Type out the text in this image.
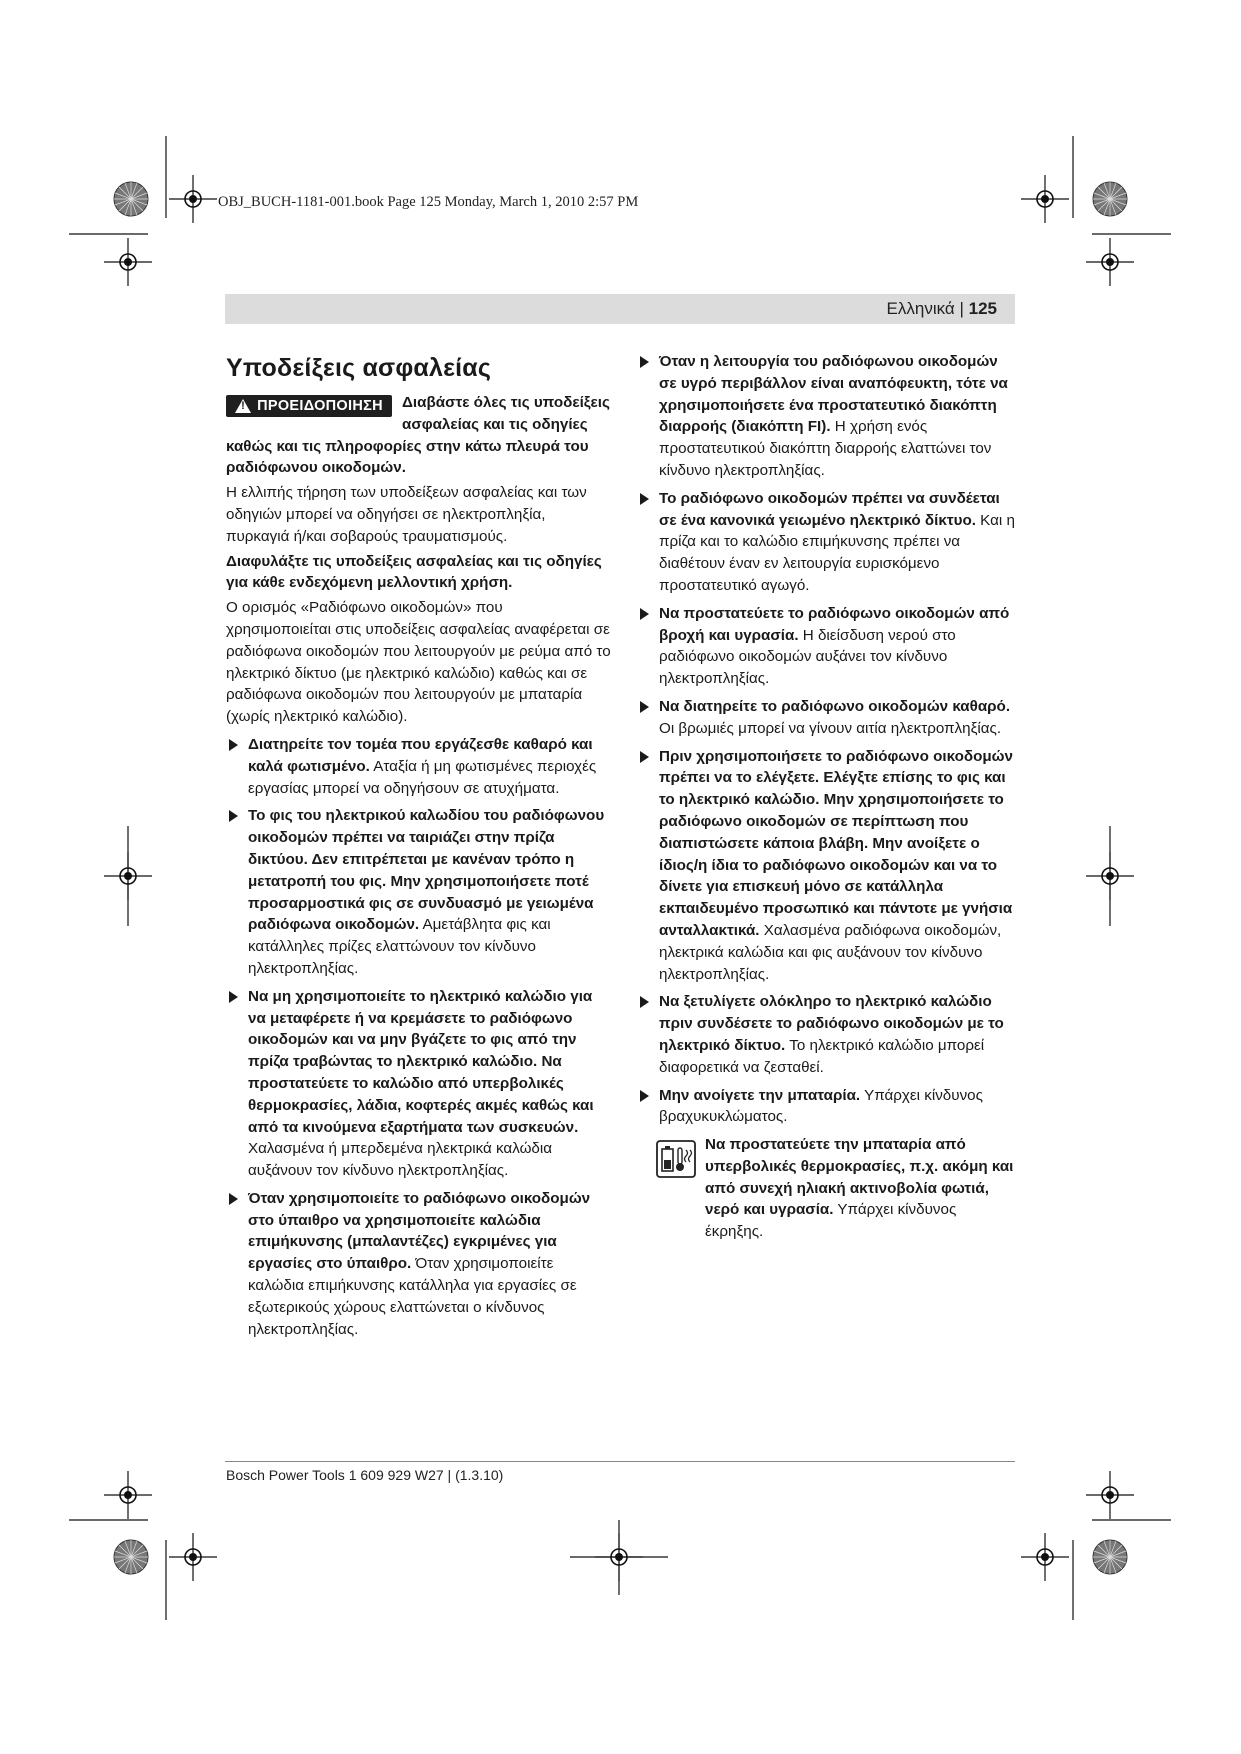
OBJ_BUCH-1181-001.book Page 125 Monday, March 1, 2010 2:57 PM
Ελληνικά | 125
Υποδείξεις ασφαλείας
!
ΠΡΟΕΙΔΟΠΟΙΗΣΗ	Διαβάστε όλες τις υποδείξεις ασφαλείας και τις οδηγίες καθώς και τις πληροφορίες στην κάτω πλευρά του ραδιόφωνου οικοδομών.

Η ελλιπής τήρηση των υποδείξεων ασφαλείας και των οδηγιών μπορεί να οδηγήσει σε ηλεκτροπληξία, πυρκαγιά ή/και σοβαρούς τραυματισμούς.

Διαφυλάξτε τις υποδείξεις ασφαλείας και τις οδηγίες για κάθε ενδεχόμενη μελλοντική χρήση.

Ο ορισμός «Ραδιόφωνο οικοδομών» που χρησιμοποιείται στις υποδείξεις ασφαλείας αναφέρεται σε ραδιόφωνα οικοδομών που λειτουργούν με ρεύμα από το ηλεκτρικό δίκτυο (με ηλεκτρικό καλώδιο) καθώς και σε ραδιόφωνα οικοδομών που λειτουργούν με μπαταρία (χωρίς ηλεκτρικό καλώδιο).

Διατηρείτε τον τομέα που εργάζεσθε καθαρό και καλά φωτισμένο. Αταξία ή μη φωτισμένες περιοχές εργασίας μπορεί να οδηγήσουν σε ατυχήματα.
Το φις του ηλεκτρικού καλωδίου του ραδιόφωνου οικοδομών πρέπει να ταιριάζει στην πρίζα δικτύου. Δεν επιτρέπεται με κανέναν τρόπο η μετατροπή του φις. Μην χρησιμοποιήσετε ποτέ προσαρμοστικά φις σε συνδυασμό με γειωμένα ραδιόφωνα οικοδομών. Αμετάβλητα φις και κατάλληλες πρίζες ελαττώνουν τον κίνδυνο ηλεκτροπληξίας.
Να μη χρησιμοποιείτε το ηλεκτρικό καλώδιο για να μεταφέρετε ή να κρεμάσετε το ραδιόφωνο οικοδομών και να μην βγάζετε το φις από την πρίζα τραβώντας το ηλεκτρικό καλώδιο. Να προστατεύετε το καλώδιο από υπερβολικές θερμοκρασίες, λάδια, κοφτερές ακμές καθώς και από τα κινούμενα εξαρτήματα των συσκευών. Χαλασμένα ή μπερδεμένα ηλεκτρικά καλώδια αυξάνουν τον κίνδυνο ηλεκτροπληξίας.
Όταν χρησιμοποιείτε το ραδιόφωνο οικοδομών στο ύπαιθρο να χρησιμοποιείτε καλώδια επιμήκυνσης (μπαλαντέζες) εγκριμένες για εργασίες στο ύπαιθρο. Όταν χρησιμοποιείτε καλώδια επιμήκυνσης κατάλληλα για εργασίες σε εξωτερικούς χώρους ελαττώνεται ο κίνδυνος ηλεκτροπληξίας.
Όταν η λειτουργία του ραδιόφωνου οικοδομών σε υγρό περιβάλλον είναι αναπόφευκτη, τότε να χρησιμοποιήσετε ένα προστατευτικό διακόπτη διαρροής (διακόπτη FI). Η χρήση ενός προστατευτικού διακόπτη διαρροής ελαττώνει τον κίνδυνο ηλεκτροπληξίας.
Το ραδιόφωνο οικοδομών πρέπει να συνδέεται σε ένα κανονικά γειωμένο ηλεκτρικό δίκτυο. Και η πρίζα και το καλώδιο επιμήκυνσης πρέπει να διαθέτουν έναν εν λειτουργία ευρισκόμενο προστατευτικό αγωγό.
Να προστατεύετε το ραδιόφωνο οικοδομών από βροχή και υγρασία. Η διείσδυση νερού στο ραδιόφωνο οικοδομών αυξάνει τον κίνδυνο ηλεκτροπληξίας.
Να διατηρείτε το ραδιόφωνο οικοδομών καθαρό. Οι βρωμιές μπορεί να γίνουν αιτία ηλεκτροπληξίας.
Πριν χρησιμοποιήσετε το ραδιόφωνο οικοδομών πρέπει να το ελέγξετε. Ελέγξτε επίσης το φις και το ηλεκτρικό καλώδιο. Μην χρησιμοποιήσετε το ραδιόφωνο οικοδομών σε περίπτωση που διαπιστώσετε κάποια βλάβη. Μην ανοίξετε ο ίδιος/η ίδια το ραδιόφωνο οικοδομών και να το δίνετε για επισκευή μόνο σε κατάλληλα εκπαιδευμένο προσωπικό και πάντοτε με γνήσια ανταλλακτικά. Χαλασμένα ραδιόφωνα οικοδομών, ηλεκτρικά καλώδια και φις αυξάνουν τον κίνδυνο ηλεκτροπληξίας.
Να ξετυλίγετε ολόκληρο το ηλεκτρικό καλώδιο πριν συνδέσετε το ραδιόφωνο οικοδομών με το ηλεκτρικό δίκτυο. Το ηλεκτρικό καλώδιο μπορεί διαφορετικά να ζεσταθεί.
Μην ανοίγετε την μπαταρία. Υπάρχει κίνδυνος βραχυκυκλώματος.
Να προστατεύετε την μπαταρία από υπερβολικές θερμοκρασίες, π.χ. ακόμη και από συνεχή ηλιακή ακτινοβολία φωτιά, νερό και υγρασία. Υπάρχει κίνδυνος έκρηξης.
Bosch Power Tools 1 609 929 W27 | (1.3.10)
